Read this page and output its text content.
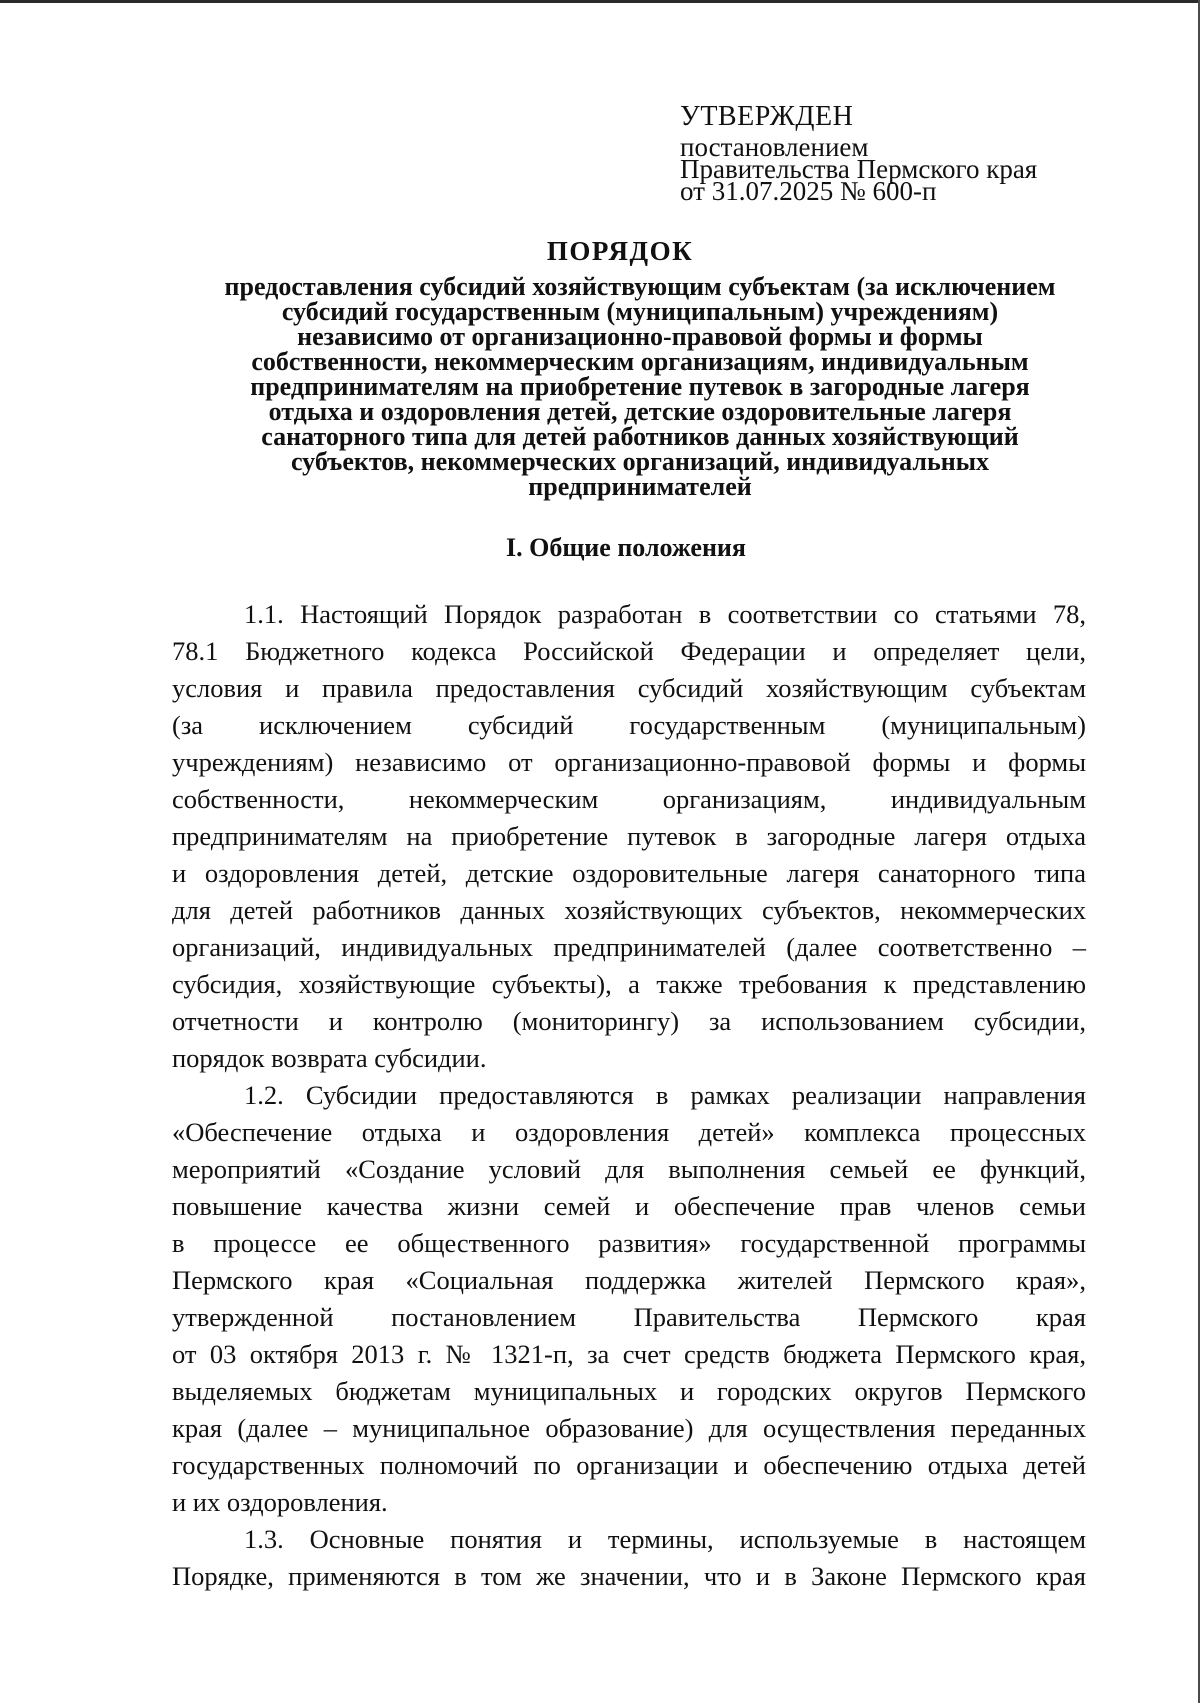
УТВЕРЖДЕН
постановлением
Правительства Пермского края
от 31.07.2025 № 600-п
ПОРЯДОК
предоставления субсидий хозяйствующим субъектам (за исключением
субсидий государственным (муниципальным) учреждениям)
независимо от организационно-правовой формы и формы
собственности, некоммерческим организациям, индивидуальным
предпринимателям на приобретение путевок в загородные лагеря
отдыха и оздоровления детей, детские оздоровительные лагеря
санаторного типа для детей работников данных хозяйствующий
субъектов, некоммерческих организаций, индивидуальных
предпринимателей
I. Общие положения
1.1. Настоящий Порядок разработан в соответствии со статьями 78,
78.1 Бюджетного кодекса Российской Федерации и определяет цели,
условия и правила предоставления субсидий хозяйствующим субъектам
(за исключением субсидий государственным (муниципальным)
учреждениям) независимо от организационно-правовой формы и формы
собственности, некоммерческим организациям, индивидуальным
предпринимателям на приобретение путевок в загородные лагеря отдыха
и оздоровления детей, детские оздоровительные лагеря санаторного типа
для детей работников данных хозяйствующих субъектов, некоммерческих
организаций, индивидуальных предпринимателей (далее соответственно –
субсидия, хозяйствующие субъекты), а также требования к представлению
отчетности и контролю (мониторингу) за использованием субсидии,
порядок возврата субсидии.
1.2. Субсидии предоставляются в рамках реализации направления
«Обеспечение отдыха и оздоровления детей» комплекса процессных
мероприятий «Создание условий для выполнения семьей ее функций,
повышение качества жизни семей и обеспечение прав членов семьи
в процессе ее общественного развития» государственной программы
Пермского края «Социальная поддержка жителей Пермского края»,
утвержденной постановлением Правительства Пермского края
от 03 октября 2013 г. № 1321-п, за счет средств бюджета Пермского края,
выделяемых бюджетам муниципальных и городских округов Пермского
края (далее – муниципальное образование) для осуществления переданных
государственных полномочий по организации и обеспечению отдыха детей
и их оздоровления.
1.3. Основные понятия и термины, используемые в настоящем
Порядке, применяются в том же значении, что и в Законе Пермского края
